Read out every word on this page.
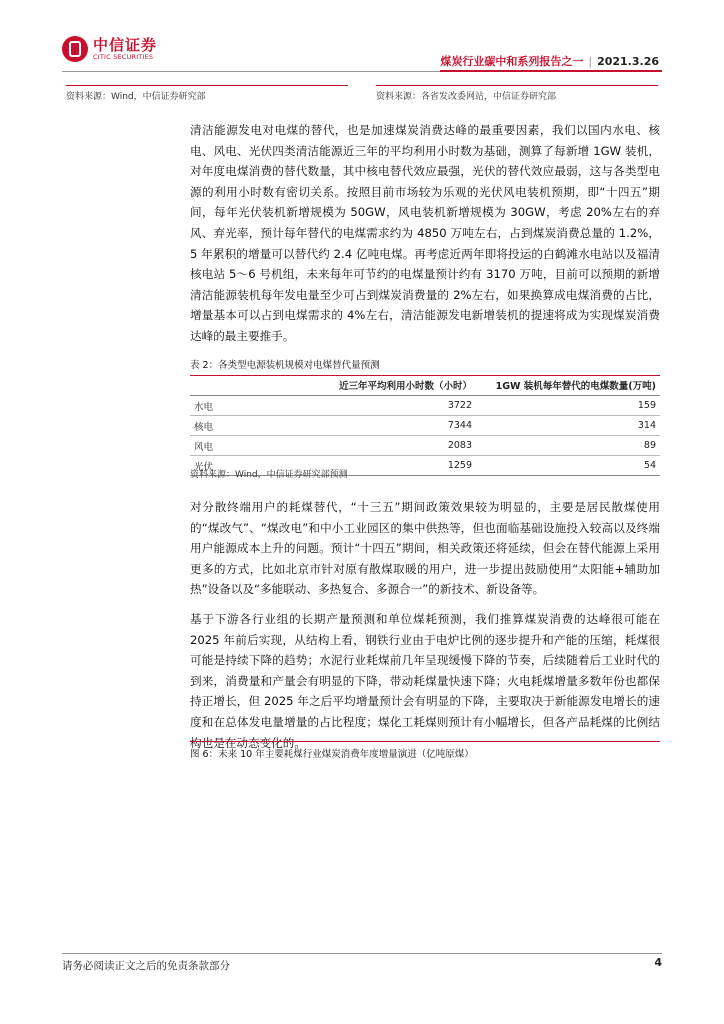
中信证券
CITIC SECURITIES	煤炭行业碳中和系列报告之一 | 2021.3.26
资料来源：Wind，中信证券研究部	资料来源：各省发改委网站，中信证券研究部

清洁能源发电对电煤的替代，也是加速煤炭消费达峰的最重要因素，我们以国内水电、核电、风电、光伏四类清洁能源近三年的平均利用小时数为基础，测算了每新增 1GW 装机，对年度电煤消费的替代数量，其中核电替代效应最强，光伏的替代效应最弱，这与各类型电源的利用小时数有密切关系。按照目前市场较为乐观的光伏风电装机预期，即“十四五”期间，每年光伏装机新增规模为 50GW，风电装机新增规模为 30GW，考虑 20%左右的弃风、弃光率，预计每年替代的电煤需求约为 4850 万吨左右，占到煤炭消费总量的 1.2%，5 年累积的增量可以替代约 2.4 亿吨电煤。再考虑近两年即将投运的白鹤滩水电站以及福清核电站 5～6 号机组，未来每年可节约的电煤量预计约有 3170 万吨，目前可以预期的新增清洁能源装机每年发电量至少可占到煤炭消费量的 2%左右，如果换算成电煤消费的占比，增量基本可以占到电煤需求的 4%左右，清洁能源发电新增装机的提速将成为实现煤炭消费达峰的最主要推手。

表 2：各类型电源装机规模对电煤替代量预测
	近三年平均利用小时数（小时）	1GW 装机每年替代的电煤数量(万吨)
水电	3722	159
核电	7344	314
风电	2083	89
光伏	1259	54
资料来源：Wind，中信证券研究部预测

对分散终端用户的耗煤替代，“十三五”期间政策效果较为明显的，主要是居民散煤使用的“煤改气”、“煤改电”和中小工业园区的集中供热等，但也面临基础设施投入较高以及终端用户能源成本上升的问题。预计“十四五”期间，相关政策还将延续，但会在替代能源上采用更多的方式，比如北京市针对原有散煤取暖的用户，进一步提出鼓励使用“太阳能+辅助加热”设备以及“多能联动、多热复合、多源合一”的新技术、新设备等。

基于下游各行业组的长期产量预测和单位煤耗预测，我们推算煤炭消费的达峰很可能在 2025 年前后实现，从结构上看，钢铁行业由于电炉比例的逐步提升和产能的压缩，耗煤很可能是持续下降的趋势；水泥行业耗煤前几年呈现缓慢下降的节奏，后续随着后工业时代的到来，消费量和产量会有明显的下降，带动耗煤量快速下降；火电耗煤增量多数年份也都保持正增长，但 2025 年之后平均增量预计会有明显的下降，主要取决于新能源发电增长的速度和在总体发电量增量的占比程度；煤化工耗煤则预计有小幅增长，但各产品耗煤的比例结构也是在动态变化的。

图 6：未来 10 年主要耗煤行业煤炭消费年度增量演进（亿吨原煤）
请务必阅读正文之后的免责条款部分	4
